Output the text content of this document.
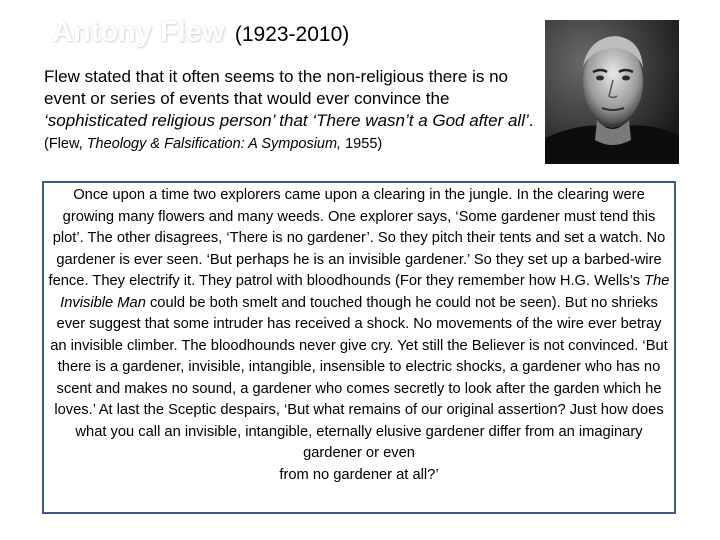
Antony Flew (1923-2010)
Flew stated that it often seems to the non-religious there is no event or series of events that would ever convince the ‘sophisticated religious person’ that ‘There wasn’t a God after all’. (Flew, Theology & Falsification: A Symposium, 1955)
Once upon a time two explorers came upon a clearing in the jungle. In the clearing were growing many flowers and many weeds. One explorer says, ‘Some gardener must tend this plot’. The other disagrees, ‘There is no gardener’. So they pitch their tents and set a watch. No gardener is ever seen. ‘But perhaps he is an invisible gardener.’ So they set up a barbed-wire fence. They electrify it. They patrol with bloodhounds (For they remember how H.G. Wells’s The Invisible Man could be both smelt and touched though he could not be seen). But no shrieks ever suggest that some intruder has received a shock. No movements of the wire ever betray an invisible climber. The bloodhounds never give cry. Yet still the Believer is not convinced. ‘But there is a gardener, invisible, intangible, insensible to electric shocks, a gardener who has no scent and makes no sound, a gardener who comes secretly to look after the garden which he loves.’ At last the Sceptic despairs, ‘But what remains of our original assertion? Just how does what you call an invisible, intangible, eternally elusive gardener differ from an imaginary gardener or even
from no gardener at all?’
